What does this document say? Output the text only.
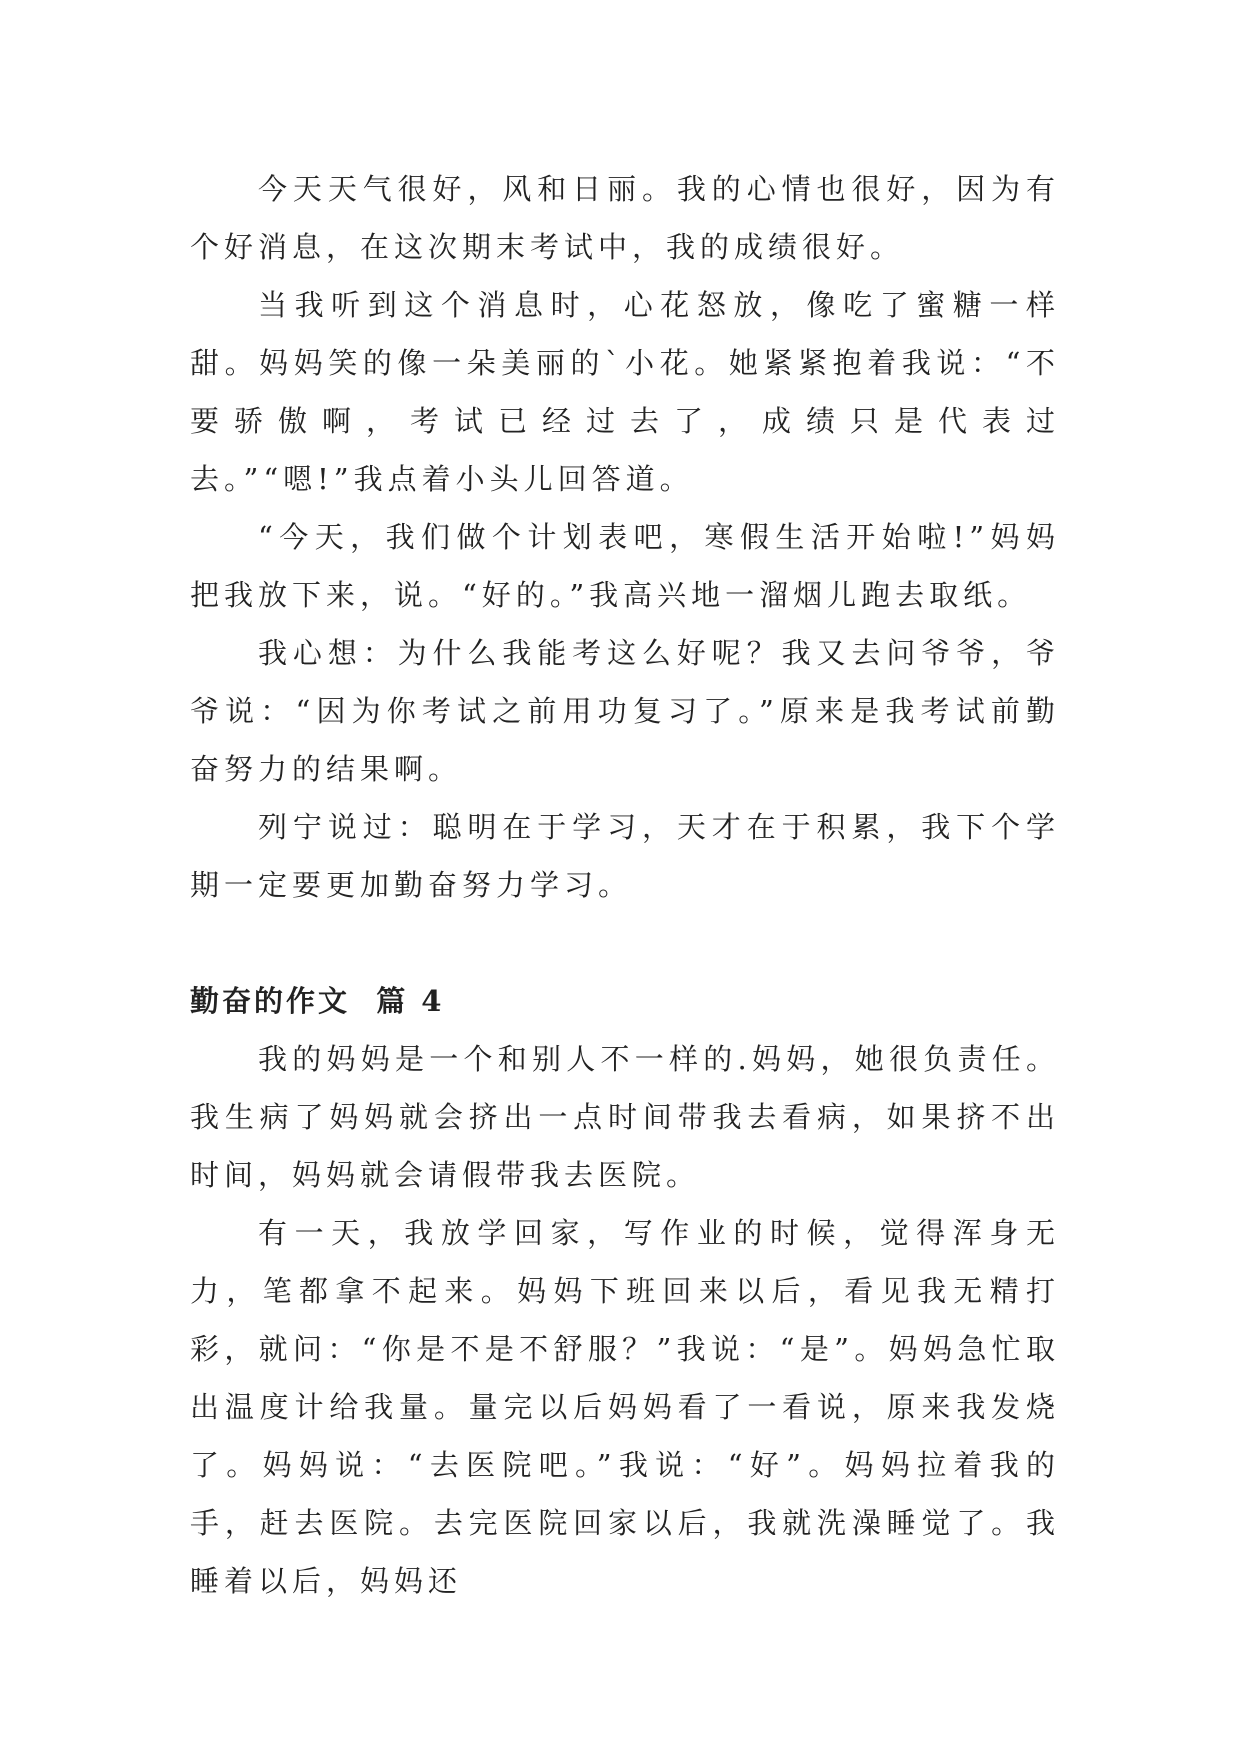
今天天气很好，风和日丽。我的心情也很好，因为有个好消息，在这次期末考试中，我的成绩很好。

当我听到这个消息时，心花怒放，像吃了蜜糖一样甜。妈妈笑的像一朵美丽的`小花。她紧紧抱着我说：“不要骄傲啊，考试已经过去了，成绩只是代表过去。”“嗯!”我点着小头儿回答道。

“今天，我们做个计划表吧，寒假生活开始啦!”妈妈把我放下来，说。“好的。”我高兴地一溜烟儿跑去取纸。

我心想：为什么我能考这么好呢？我又去问爷爷，爷爷说：“因为你考试之前用功复习了。”原来是我考试前勤奋努力的结果啊。

列宁说过：聪明在于学习，天才在于积累，我下个学期一定要更加勤奋努力学习。

勤奋的作文  篇 4

我的妈妈是一个和别人不一样的.妈妈，她很负责任。我生病了妈妈就会挤出一点时间带我去看病，如果挤不出时间，妈妈就会请假带我去医院。

有一天，我放学回家，写作业的时候，觉得浑身无力，笔都拿不起来。妈妈下班回来以后，看见我无精打彩，就问：“你是不是不舒服？”我说：“是”。妈妈急忙取出温度计给我量。量完以后妈妈看了一看说，原来我发烧了。妈妈说：“去医院吧。”我说：“好”。妈妈拉着我的手，赶去医院。去完医院回家以后，我就洗澡睡觉了。我睡着以后，妈妈还
